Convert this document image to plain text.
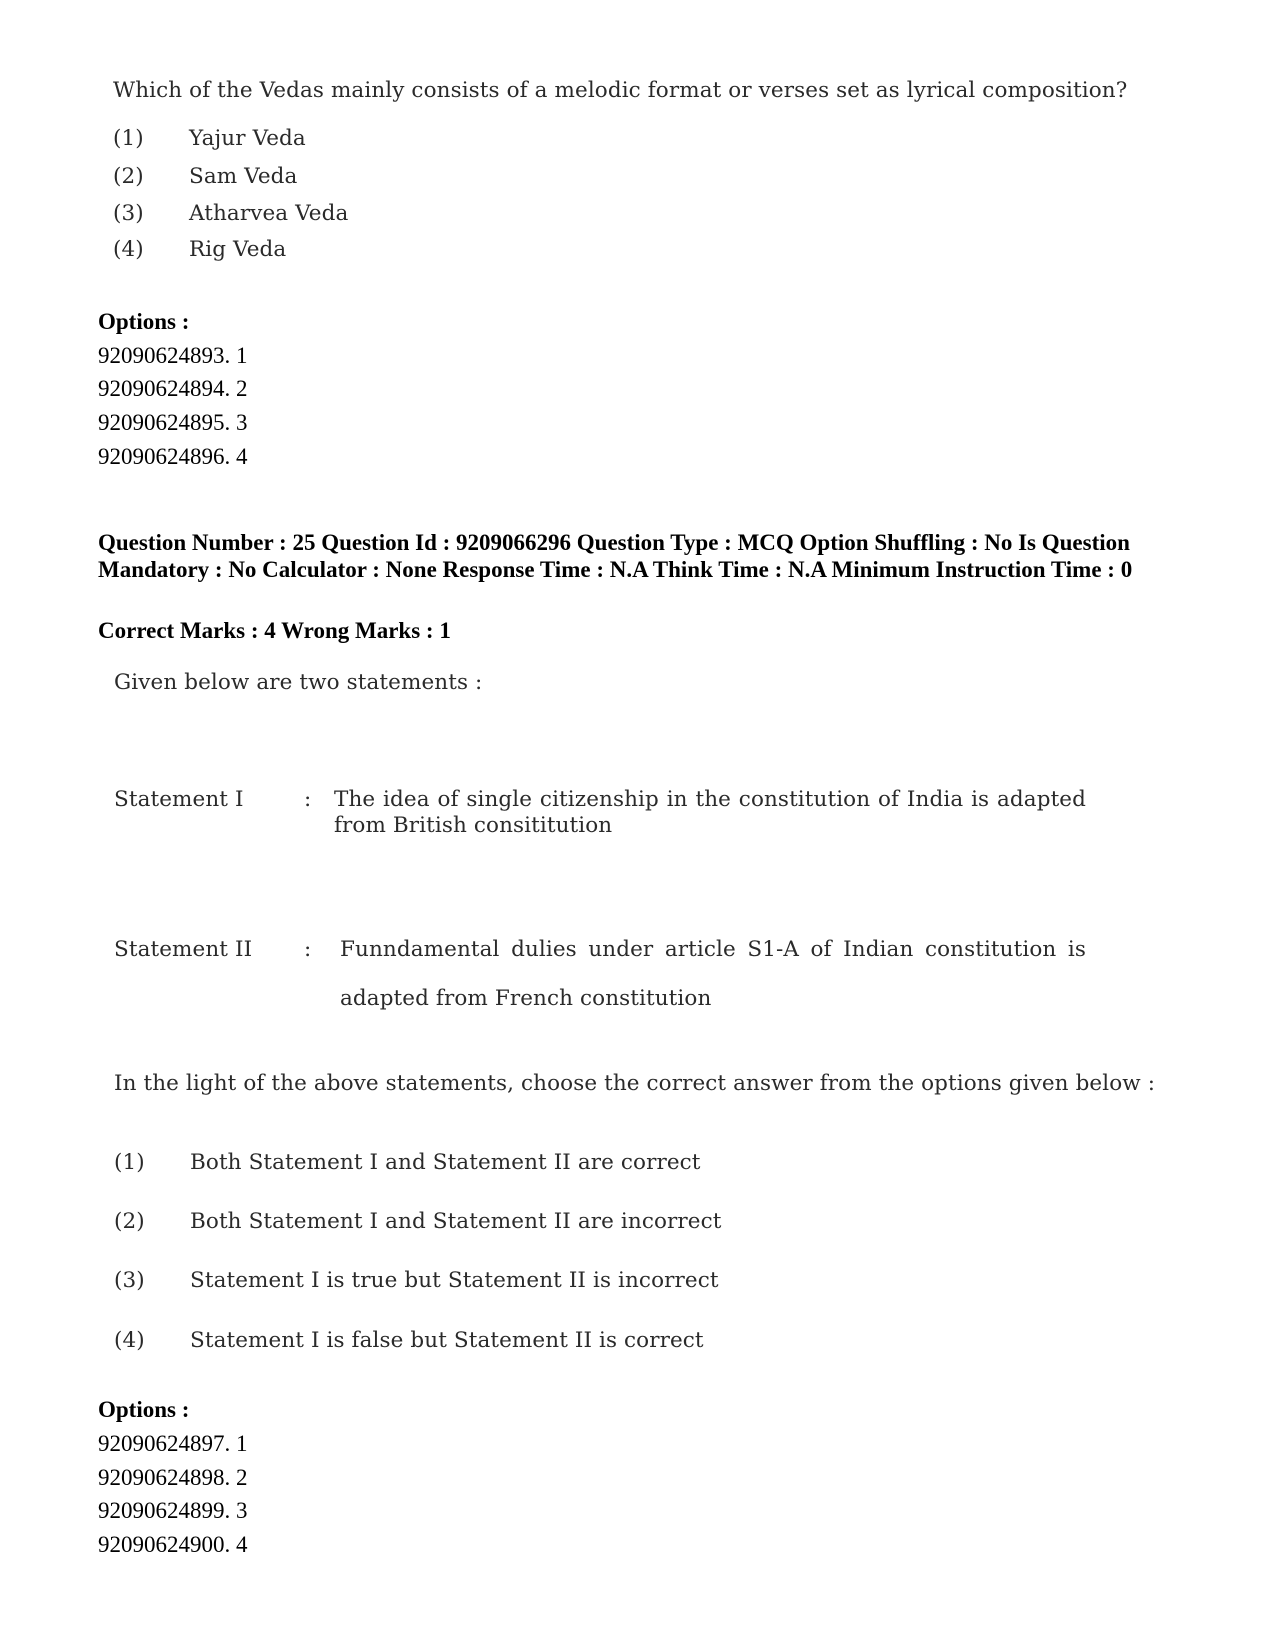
Which of the Vedas mainly consists of a melodic format or verses set as lyrical composition?
(1) Yajur Veda
(2) Sam Veda
(3) Atharvea Veda
(4) Rig Veda
Options :
92090624893. 1
92090624894. 2
92090624895. 3
92090624896. 4
Question Number : 25 Question Id : 9209066296 Question Type : MCQ Option Shuffling : No Is Question Mandatory : No Calculator : None Response Time : N.A Think Time : N.A Minimum Instruction Time : 0
Correct Marks : 4 Wrong Marks : 1
Given below are two statements :
Statement I	: The idea of single citizenship in the constitution of India is adapted
from British consititution
Statement II : Funndamental dulies under article S1-A of Indian constitution is
adapted from French constitution
In the light of the above statements, choose the correct answer from the options given below :
(1) Both Statement I and Statement II are correct
(2) Both Statement I and Statement II are incorrect
(3) Statement I is true but Statement II is incorrect
(4) Statement I is false but Statement II is correct
Options :
92090624897. 1
92090624898. 2
92090624899. 3
92090624900. 4
